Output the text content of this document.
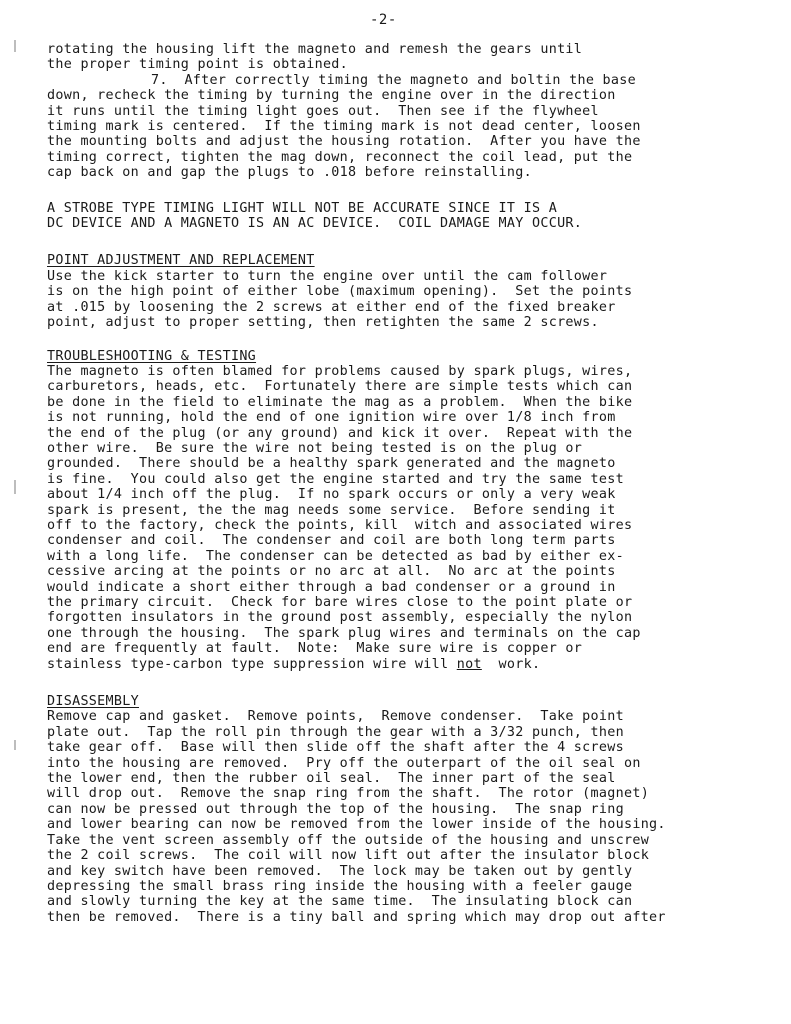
-2-
rotating the housing lift the magneto and remesh the gears until
the proper timing point is obtained.
7.  After correctly timing the magneto and boltin the base
down, recheck the timing by turning the engine over in the direction
it runs until the timing light goes out.  Then see if the flywheel
timing mark is centered.  If the timing mark is not dead center, loosen
the mounting bolts and adjust the housing rotation.  After you have the
timing correct, tighten the mag down, reconnect the coil lead, put the
cap back on and gap the plugs to .018 before reinstalling.
A STROBE TYPE TIMING LIGHT WILL NOT BE ACCURATE SINCE IT IS A
DC DEVICE AND A MAGNETO IS AN AC DEVICE.  COIL DAMAGE MAY OCCUR.
POINT ADJUSTMENT AND REPLACEMENT
Use the kick starter to turn the engine over until the cam follower
is on the high point of either lobe (maximum opening).  Set the points
at .015 by loosening the 2 screws at either end of the fixed breaker
point, adjust to proper setting, then retighten the same 2 screws.
TROUBLESHOOTING & TESTING
The magneto is often blamed for problems caused by spark plugs, wires,
carburetors, heads, etc.  Fortunately there are simple tests which can
be done in the field to eliminate the mag as a problem.  When the bike
is not running, hold the end of one ignition wire over 1/8 inch from
the end of the plug (or any ground) and kick it over.  Repeat with the
other wire.  Be sure the wire not being tested is on the plug or
grounded.  There should be a healthy spark generated and the magneto
is fine.  You could also get the engine started and try the same test
about 1/4 inch off the plug.  If no spark occurs or only a very weak
spark is present, the the mag needs some service.  Before sending it
off to the factory, check the points, kill  witch and associated wires
condenser and coil.  The condenser and coil are both long term parts
with a long life.  The condenser can be detected as bad by either ex-
cessive arcing at the points or no arc at all.  No arc at the points
would indicate a short either through a bad condenser or a ground in
the primary circuit.  Check for bare wires close to the point plate or
forgotten insulators in the ground post assembly, especially the nylon
one through the housing.  The spark plug wires and terminals on the cap
end are frequently at fault.  Note:  Make sure wire is copper or
stainless type-carbon type suppression wire will not  work.
DISASSEMBLY
Remove cap and gasket.  Remove points,  Remove condenser.  Take point
plate out.  Tap the roll pin through the gear with a 3/32 punch, then
take gear off.  Base will then slide off the shaft after the 4 screws
into the housing are removed.  Pry off the outerpart of the oil seal on
the lower end, then the rubber oil seal.  The inner part of the seal
will drop out.  Remove the snap ring from the shaft.  The rotor (magnet)
can now be pressed out through the top of the housing.  The snap ring
and lower bearing can now be removed from the lower inside of the housing.
Take the vent screen assembly off the outside of the housing and unscrew
the 2 coil screws.  The coil will now lift out after the insulator block
and key switch have been removed.  The lock may be taken out by gently
depressing the small brass ring inside the housing with a feeler gauge
and slowly turning the key at the same time.  The insulating block can
then be removed.  There is a tiny ball and spring which may drop out after
